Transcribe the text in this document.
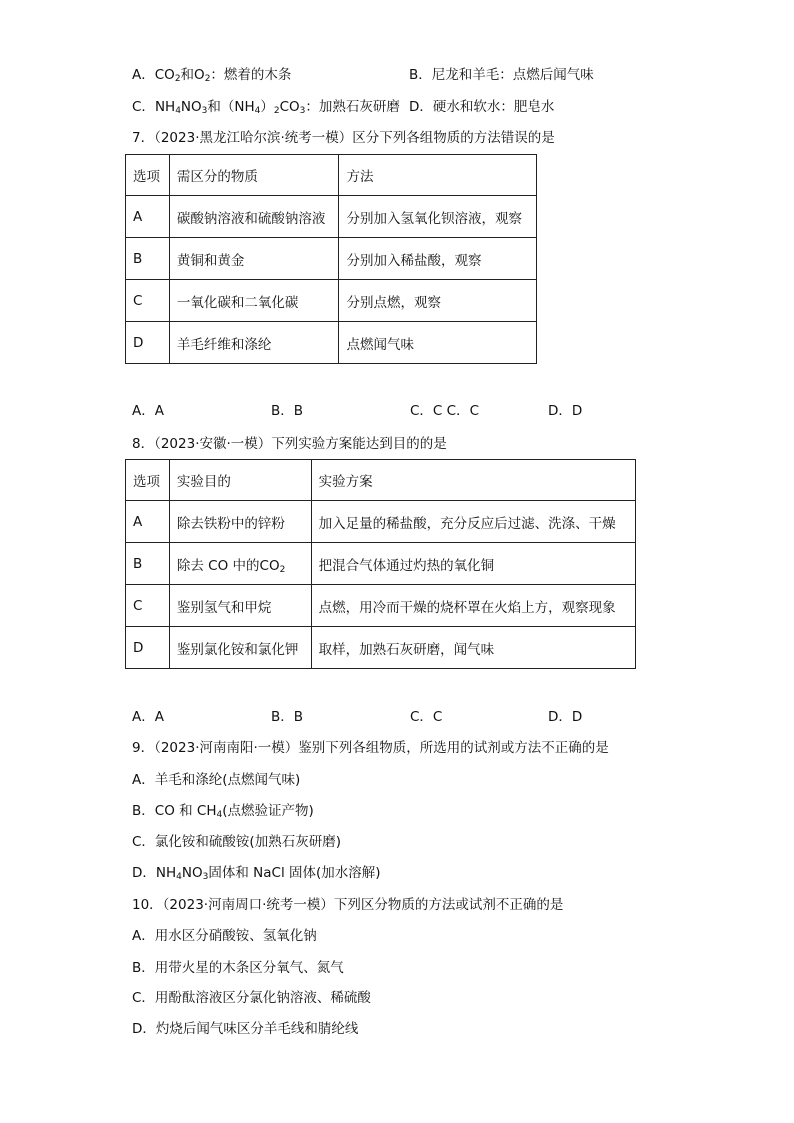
A．$CO_2$和$O_2$：燃着的木条	B．尼龙和羊毛：点燃后闻气味
C．$NH_4NO_3$和$(NH_4)_2CO_3$：加熟石灰研磨 D．硬水和软水：肥皂水
7．（2023·黑龙江哈尔滨·统考一模）区分下列各组物质的方法错误的是
选项	需区分的物质	方法
A	碳酸钠溶液和硫酸钠溶液	分别加入氢氧化钡溶液，观察
B	黄铜和黄金	分别加入稀盐酸，观察
C	一氧化碳和二氧化碳	分别点燃，观察
D	羊毛纤维和涤纶	点燃闻气味
A．A	B．B	C．C C．C	D．D
8．（2023·安徽·一模）下列实验方案能达到目的的是
选项	实验目的	实验方案
A	除去铁粉中的锌粉	加入足量的稀盐酸，充分反应后过滤、洗涤、干燥
B	除去 CO 中的$CO_2$	把混合气体通过灼热的氧化铜
C	鉴别氢气和甲烷	点燃，用冷而干燥的烧杯罩在火焰上方，观察现象
D	鉴别氯化铵和氯化钾	取样，加熟石灰研磨，闻气味
A．A	B．B	C．C	D．D
9．（2023·河南南阳·一模）鉴别下列各组物质，所选用的试剂或方法不正确的是
A．羊毛和涤纶(点燃闻气味)
B．CO 和 $CH_4$(点燃验证产物)
C．氯化铵和硫酸铵(加熟石灰研磨)
D．$NH_4NO_3$固体和 NaCl 固体(加水溶解)
10．（2023·河南周口·统考一模）下列区分物质的方法或试剂不正确的是
A．用水区分硝酸铵、氢氧化钠
B．用带火星的木条区分氧气、氮气
C．用酚酞溶液区分氯化钠溶液、稀硫酸
D．灼烧后闻气味区分羊毛线和腈纶线
